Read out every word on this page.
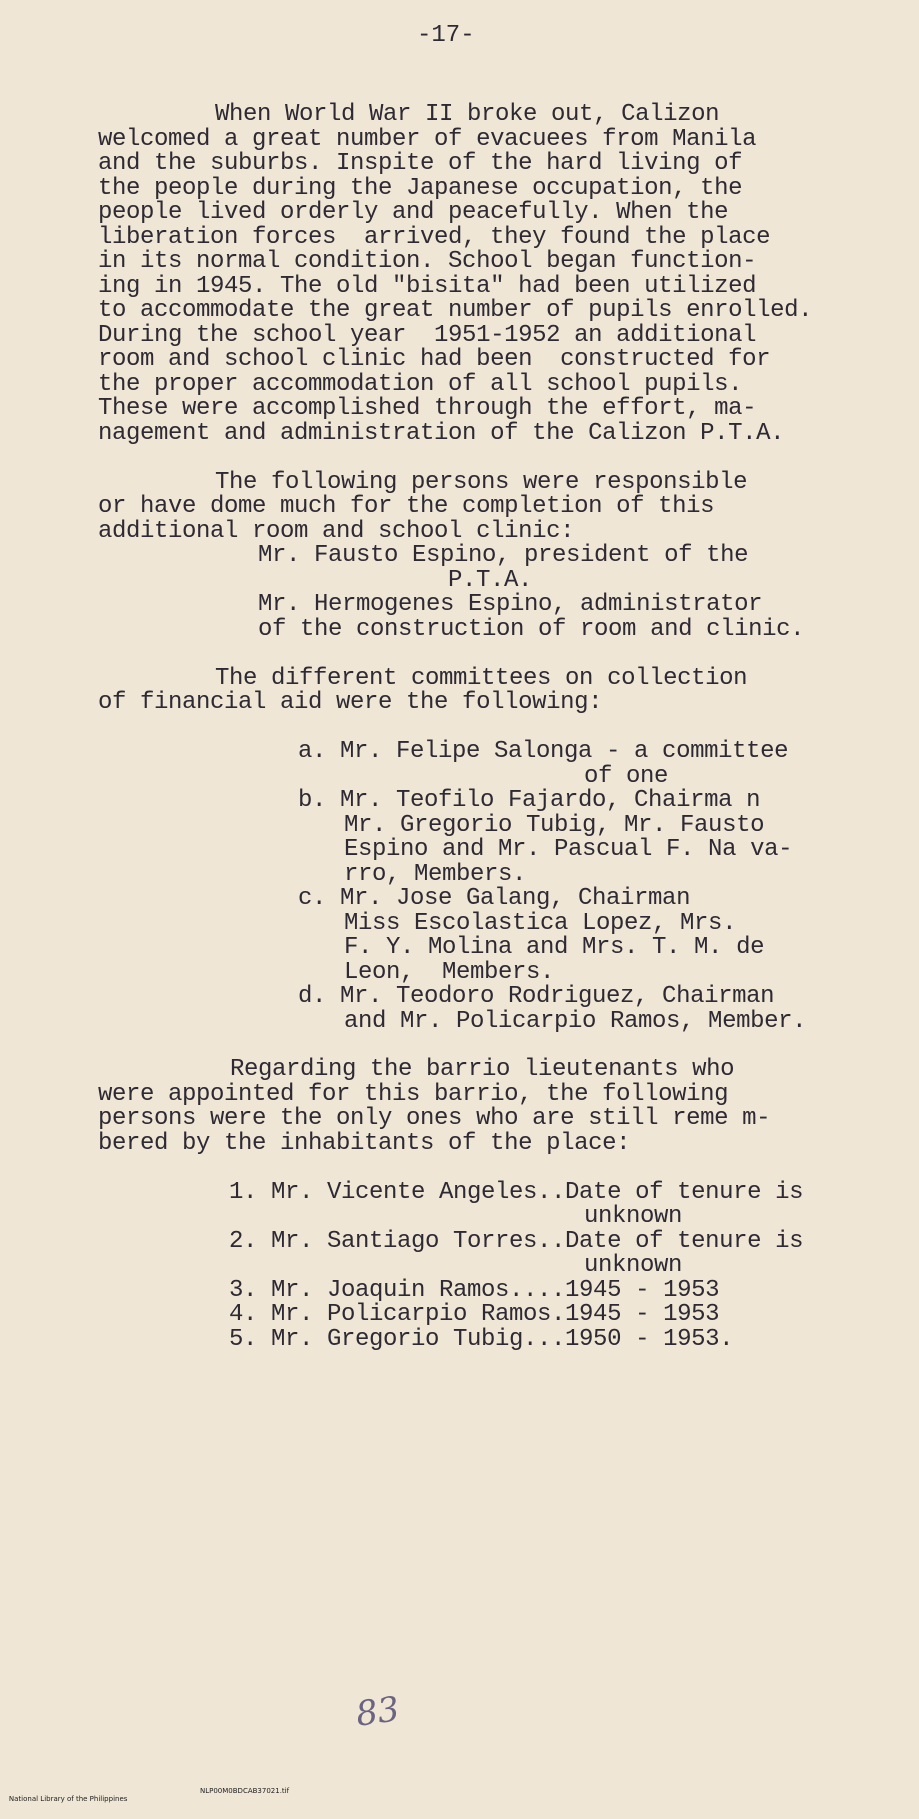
-17-
When World War II broke out, Calizon
welcomed a great number of evacuees from Manila
and the suburbs. Inspite of the hard living of
the people during the Japanese occupation, the
people lived orderly and peacefully. When the
liberation forces  arrived, they found the place
in its normal condition. School began function-
ing in 1945. The old "bisita" had been utilized
to accommodate the great number of pupils enrolled.
During the school year  1951-1952 an additional
room and school clinic had been  constructed for
the proper accommodation of all school pupils.
These were accomplished through the effort, ma-
nagement and administration of the Calizon P.T.A.
The following persons were responsible
or have dome much for the completion of this
additional room and school clinic:
Mr. Fausto Espino, president of the
P.T.A.
Mr. Hermogenes Espino, administrator
of the construction of room and clinic.
The different committees on collection
of financial aid were the following:
a. Mr. Felipe Salonga - a committee
of one
b. Mr. Teofilo Fajardo, Chairma n
Mr. Gregorio Tubig, Mr. Fausto
Espino and Mr. Pascual F. Na va-
rro, Members.
c. Mr. Jose Galang, Chairman
Miss Escolastica Lopez, Mrs.
F. Y. Molina and Mrs. T. M. de
Leon,  Members.
d. Mr. Teodoro Rodriguez, Chairman
and Mr. Policarpio Ramos, Member.
Regarding the barrio lieutenants who
were appointed for this barrio, the following
persons were the only ones who are still reme m-
bered by the inhabitants of the place:
1. Mr. Vicente Angeles..Date of tenure is
unknown
2. Mr. Santiago Torres..Date of tenure is
unknown
3. Mr. Joaquin Ramos....1945 - 1953
4. Mr. Policarpio Ramos.1945 - 1953
5. Mr. Gregorio Tubig...1950 - 1953.
83

National Library of the Philippines

NLP00M0BDCAB37021.tif
